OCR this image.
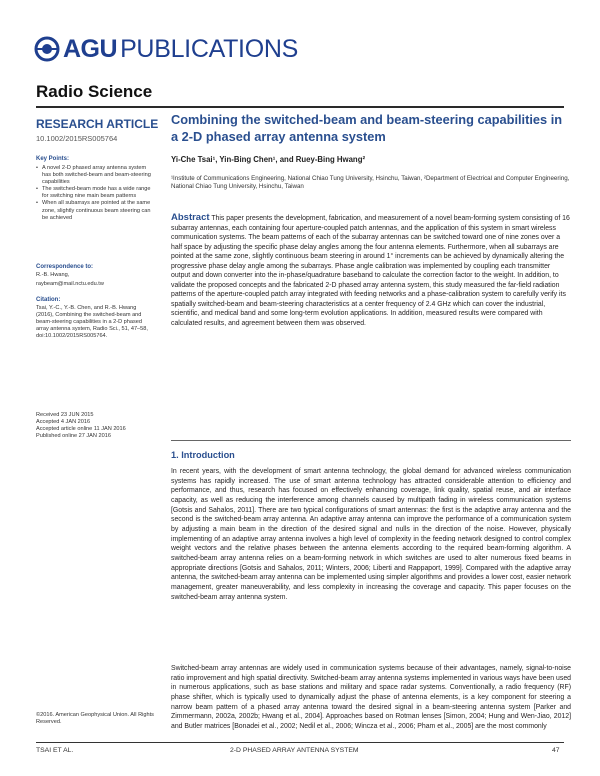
AGU PUBLICATIONS
Radio Science
RESEARCH ARTICLE
10.1002/2015RS005764
Key Points:
• A novel 2-D phased array antenna system has both switched-beam and beam-steering capabilities
• The switched-beam mode has a wide range for switching nine main beam patterns
• When all subarrays are pointed at the same zone, slightly continuous beam steering can be achieved
Correspondence to:
R.-B. Hwang,
raybeam@mail.nctu.edu.tw
Citation:
Tsai, Y.-C., Y.-B. Chen, and R.-B. Hwang (2016), Combining the switched-beam and beam-steering capabilities in a 2-D phased array antenna system, Radio Sci., 51, 47–58, doi:10.1002/2015RS005764.
Received 23 JUN 2015
Accepted 4 JAN 2016
Accepted article online 11 JAN 2016
Published online 27 JAN 2016
©2016. American Geophysical Union. All Rights Reserved.
Combining the switched-beam and beam-steering capabilities in a 2-D phased array antenna system
Yi-Che Tsai¹, Yin-Bing Chen¹, and Ruey-Bing Hwang²
¹Institute of Communications Engineering, National Chiao Tung University, Hsinchu, Taiwan, ²Department of Electrical and Computer Engineering, National Chiao Tung University, Hsinchu, Taiwan

Abstract This paper presents the development, fabrication, and measurement of a novel beam-forming system consisting of 16 subarray antennas, each containing four aperture-coupled patch antennas, and the application of this system in smart wireless communication systems. The beam patterns of each of the subarray antennas can be switched toward one of nine zones over a half space by adjusting the specific phase delay angles among the four antenna elements. Furthermore, when all subarrays are pointed at the same zone, slightly continuous beam steering in around 1° increments can be achieved by dynamically altering the progressive phase delay angle among the subarrays. Phase angle calibration was implemented by coupling each transmitter output and down converter into the in-phase/quadrature baseband to calculate the correction factor to the weight. In addition, to validate the proposed concepts and the fabricated 2-D phased array antenna system, this study measured the far-field radiation patterns of the aperture-coupled patch array integrated with feeding networks and a phase-calibration system to carefully verify its spatially switched-beam and beam-steering characteristics at a center frequency of 2.4 GHz which can cover the industrial, scientific, and medical band and some long-term evolution applications. In addition, measured results were compared with calculated results, and agreement between them was observed.

1. Introduction

In recent years, with the development of smart antenna technology, the global demand for advanced wireless communication systems has rapidly increased. The use of smart antenna technology has attracted considerable attention to efficiency and performance, and thus, research has focused on effectively enhancing coverage, link quality, spatial reuse, and air interface capacity, as well as reducing the interference among channels caused by multipath fading in wireless communication systems [Gotsis and Sahalos, 2011]. There are two typical configurations of smart antennas: the first is the adaptive array antenna and the second is the switched-beam array antenna. An adaptive array antenna can improve the performance of a communication system by adjusting a main beam in the direction of the desired signal and nulls in the direction of the noise. However, physically implementing of an adaptive array antenna involves a high level of complexity in the feeding network designed to control complex weight vectors and the relative phases between the antenna elements according to the required beam-forming algorithm. A switched-beam array antenna relies on a beam-forming network in which switches are used to alter numerous fixed beams in appropriate directions [Gotsis and Sahalos, 2011; Winters, 2006; Liberti and Rappaport, 1999]. Compared with the adaptive array antenna, the switched-beam array antenna can be implemented using simpler algorithms and provides a lower cost, easier network management, greater maneuverability, and less complexity in increasing the coverage and capacity. This paper focuses on the switched-beam array antenna system.

Switched-beam array antennas are widely used in communication systems because of their advantages, namely, signal-to-noise ratio improvement and high spatial directivity. Switched-beam array antenna systems implemented in various ways have been used in numerous applications, such as base stations and military and space radar systems. Conventionally, a radio frequency (RF) phase shifter, which is typically used to dynamically adjust the phase of antenna elements, is a key component for steering a narrow beam pattern of a phased array antenna toward the desired signal in a beam-steering antenna system [Parker and Zimmermann, 2002a, 2002b; Hwang et al., 2004]. Approaches based on Rotman lenses [Simon, 2004; Hung and Wen-Jiao, 2012] and Butler matrices [Bonadei et al., 2002; Nedil et al., 2006; Wincza et al., 2006; Pham et al., 2005] are the most commonly

TSAI ET AL.	2-D PHASED ARRAY ANTENNA SYSTEM	47
